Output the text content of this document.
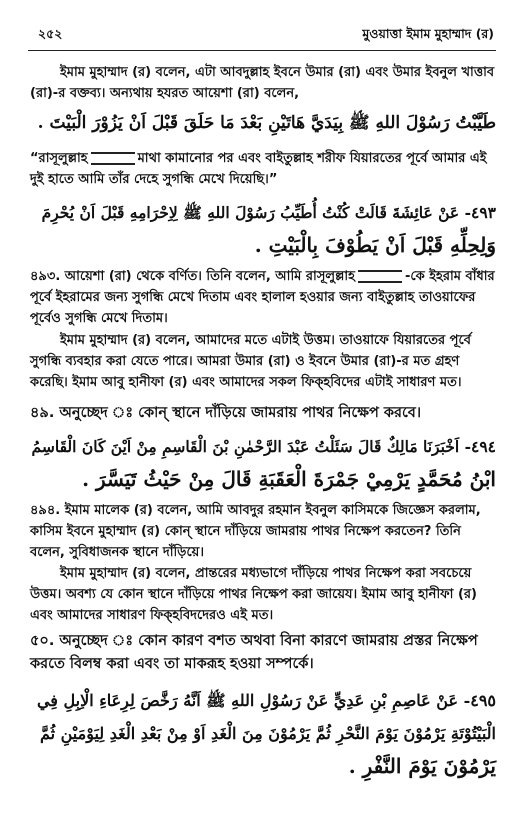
২৫২	মুওয়াত্তা ইমাম মুহাম্মাদ (র)

ইমাম মুহাম্মাদ (র) বলেন, এটা আবদুল্লাহ ইবনে উমার (রা) এবং উমার ইবনুল খাত্তাব (রা)-র বক্তব্য। অন্যথায় হযরত আয়েশা (রা) বলেন,

طَيَّبْتُ رَسُوْلَ اللهِ ﷺ بِيَدَيَّ هَاتَيْنِ بَعْدَ مَا حَلَقَ قَبْلَ اَنْ يَزُوْرَ الْبَيْتَ .

“রাসূলুল্লাহ	মাথা কামানোর পর এবং বাইতুল্লাহ শরীফ যিয়ারতের পূর্বে আমার এই দুই হাতে আমি তাঁর দেহে সুগন্ধি মেখে দিয়েছি।”

٤٩٣- عَنْ عَائِشَةَ قَالَتْ كُنْتُ أُطَيِّبُ رَسُوْلَ اللهِ ﷺ لِاِحْرَامِهِ قَبْلَ اَنْ يُحْرِمَ
وَلِحِلِّهِ قَبْلَ اَنْ يَطُوْفَ بِالْبَيْتِ .

৪৯৩. আয়েশা (রা) থেকে বর্ণিত। তিনি বলেন, আমি রাসূলুল্লাহ	-কে ইহরাম বাঁধার পূর্বে ইহরামের জন্য সুগন্ধি মেখে দিতাম এবং হালাল হওয়ার জন্য বাইতুল্লাহ তাওয়াফের পূর্বেও সুগন্ধি মেখে দিতাম।

ইমাম মুহাম্মাদ (র) বলেন, আমাদের মতে এটাই উত্তম। তাওয়াফে যিয়ারতের পূর্বে সুগন্ধি ব্যবহার করা যেতে পারে। আমরা উমার (রা) ও ইবনে উমার (রা)-র মত গ্রহণ করেছি। ইমাম আবু হানীফা (র) এবং আমাদের সকল ফিক্‌হবিদের এটাই সাধারণ মত।

৪৯. অনুচ্ছেদ ঃ কোন্‌ স্থানে দাঁড়িয়ে জামরায় পাথর নিক্ষেপ করবে।

٤٩٤- اَخْبَرَنَا مَالِكٌ قَالَ سَئَلْتُ عَبْدَ الرَّحْمٰنِ بْنَ الْقَاسِمِ مِنْ اَيْنَ كَانَ الْقَاسِمُ
ابْنُ مُحَمَّدٍ يَرْمِيْ جَمْرَةَ الْعَقَبَةِ قَالَ مِنْ حَيْثُ تَيَسَّرَ .

৪৯৪. ইমাম মালেক (র) বলেন, আমি আবদুর রহমান ইবনুল কাসিমকে জিজ্ঞেস করলাম, কাসিম ইবনে মুহাম্মাদ (র) কোন্‌ স্থানে দাঁড়িয়ে জামরায় পাথর নিক্ষেপ করতেন? তিনি বলেন, সুবিধাজনক স্থানে দাঁড়িয়ে।

ইমাম মুহাম্মাদ (র) বলেন, প্রান্তরের মধ্যভাগে দাঁড়িয়ে পাথর নিক্ষেপ করা সবচেয়ে উত্তম। অবশ্য যে কোন স্থানে দাঁড়িয়ে পাথর নিক্ষেপ করা জায়েয। ইমাম আবু হানীফা (র) এবং আমাদের সাধারণ ফিক্‌হবিদদেরও এই মত।

৫০. অনুচ্ছেদ ঃ কোন কারণ বশত অথবা বিনা কারণে জামরায় প্রস্তর নিক্ষেপ করতে বিলম্ব করা এবং তা মাকরূহ হওয়া সম্পর্কে।

٤٩٥- عَنْ عَاصِمِ بْنِ عَدِيٍّ عَنْ رَسُوْلِ اللهِ ﷺ اَنَّهُ رَخَّصَ لِرِعَاءِ الْاِبِلِ فِي
الْبَيْتُوْتَةِ يَرْمُوْنَ يَوْمَ النَّحْرِ ثُمَّ يَرْمُوْنَ مِنَ الْغَدِ اَوْ مِنْ بَعْدِ الْغَدِ لِيَوْمَيْنِ ثُمَّ
يَرْمُوْنَ يَوْمَ النَّفْرِ .
